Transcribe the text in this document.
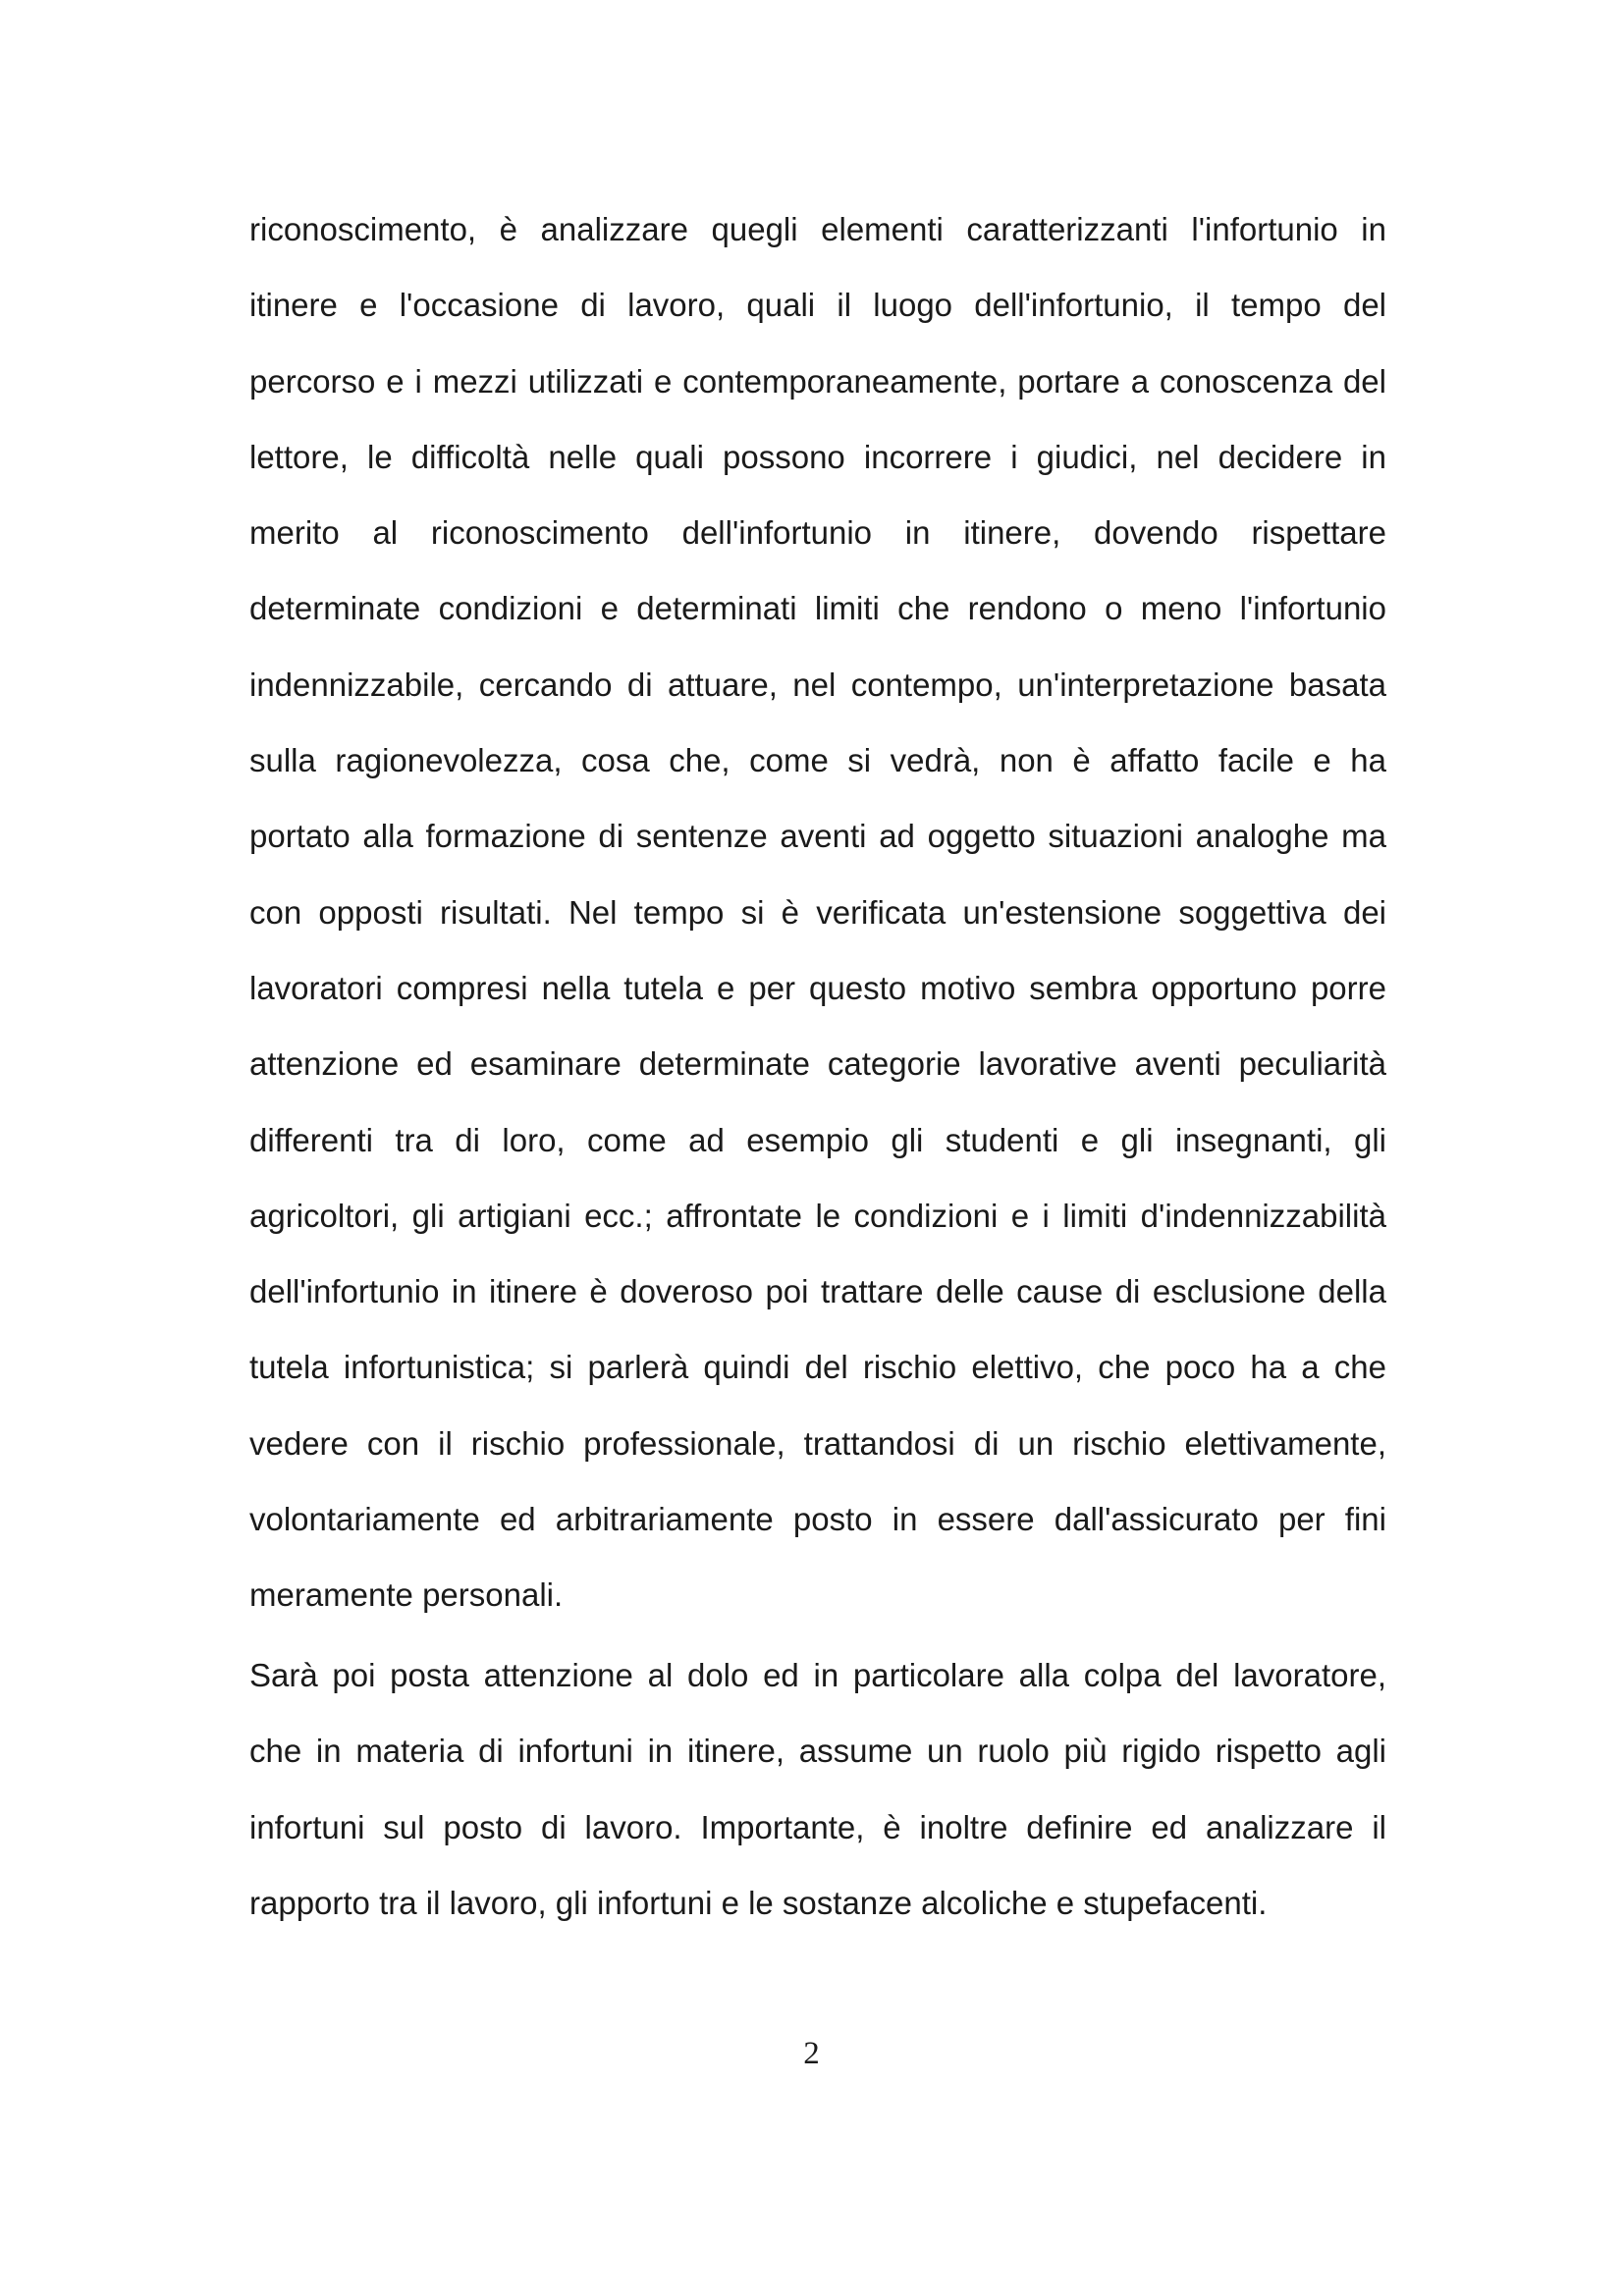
riconoscimento, è analizzare quegli elementi caratterizzanti l'infortunio in
itinere e l'occasione di lavoro, quali il luogo dell'infortunio, il tempo del
percorso e i mezzi utilizzati e contemporaneamente, portare a conoscenza del
lettore, le difficoltà nelle quali possono incorrere i giudici, nel decidere in
merito al riconoscimento dell'infortunio in itinere, dovendo rispettare
determinate condizioni e determinati limiti che rendono o meno l'infortunio
indennizzabile, cercando di attuare, nel contempo, un'interpretazione basata
sulla ragionevolezza, cosa che, come si vedrà, non è affatto facile e ha
portato alla formazione di sentenze aventi ad oggetto situazioni analoghe ma
con opposti risultati. Nel tempo si è verificata un'estensione soggettiva dei
lavoratori compresi nella tutela e per questo motivo sembra opportuno porre
attenzione ed esaminare determinate categorie lavorative aventi peculiarità
differenti tra di loro, come ad esempio gli studenti e gli insegnanti, gli
agricoltori, gli artigiani ecc.; affrontate le condizioni e i limiti d'indennizzabilità
dell'infortunio in itinere è doveroso poi trattare delle cause di esclusione della
tutela infortunistica; si parlerà quindi del rischio elettivo, che poco ha a che
vedere con il rischio professionale, trattandosi di un rischio elettivamente,
volontariamente ed arbitrariamente posto in essere dall'assicurato per fini
meramente personali.
Sarà poi posta attenzione al dolo ed in particolare alla colpa del lavoratore,
che in materia di infortuni in itinere, assume un ruolo più rigido rispetto agli
infortuni sul posto di lavoro. Importante, è inoltre definire ed analizzare il
rapporto tra il lavoro, gli infortuni e le sostanze alcoliche e stupefacenti.
2
